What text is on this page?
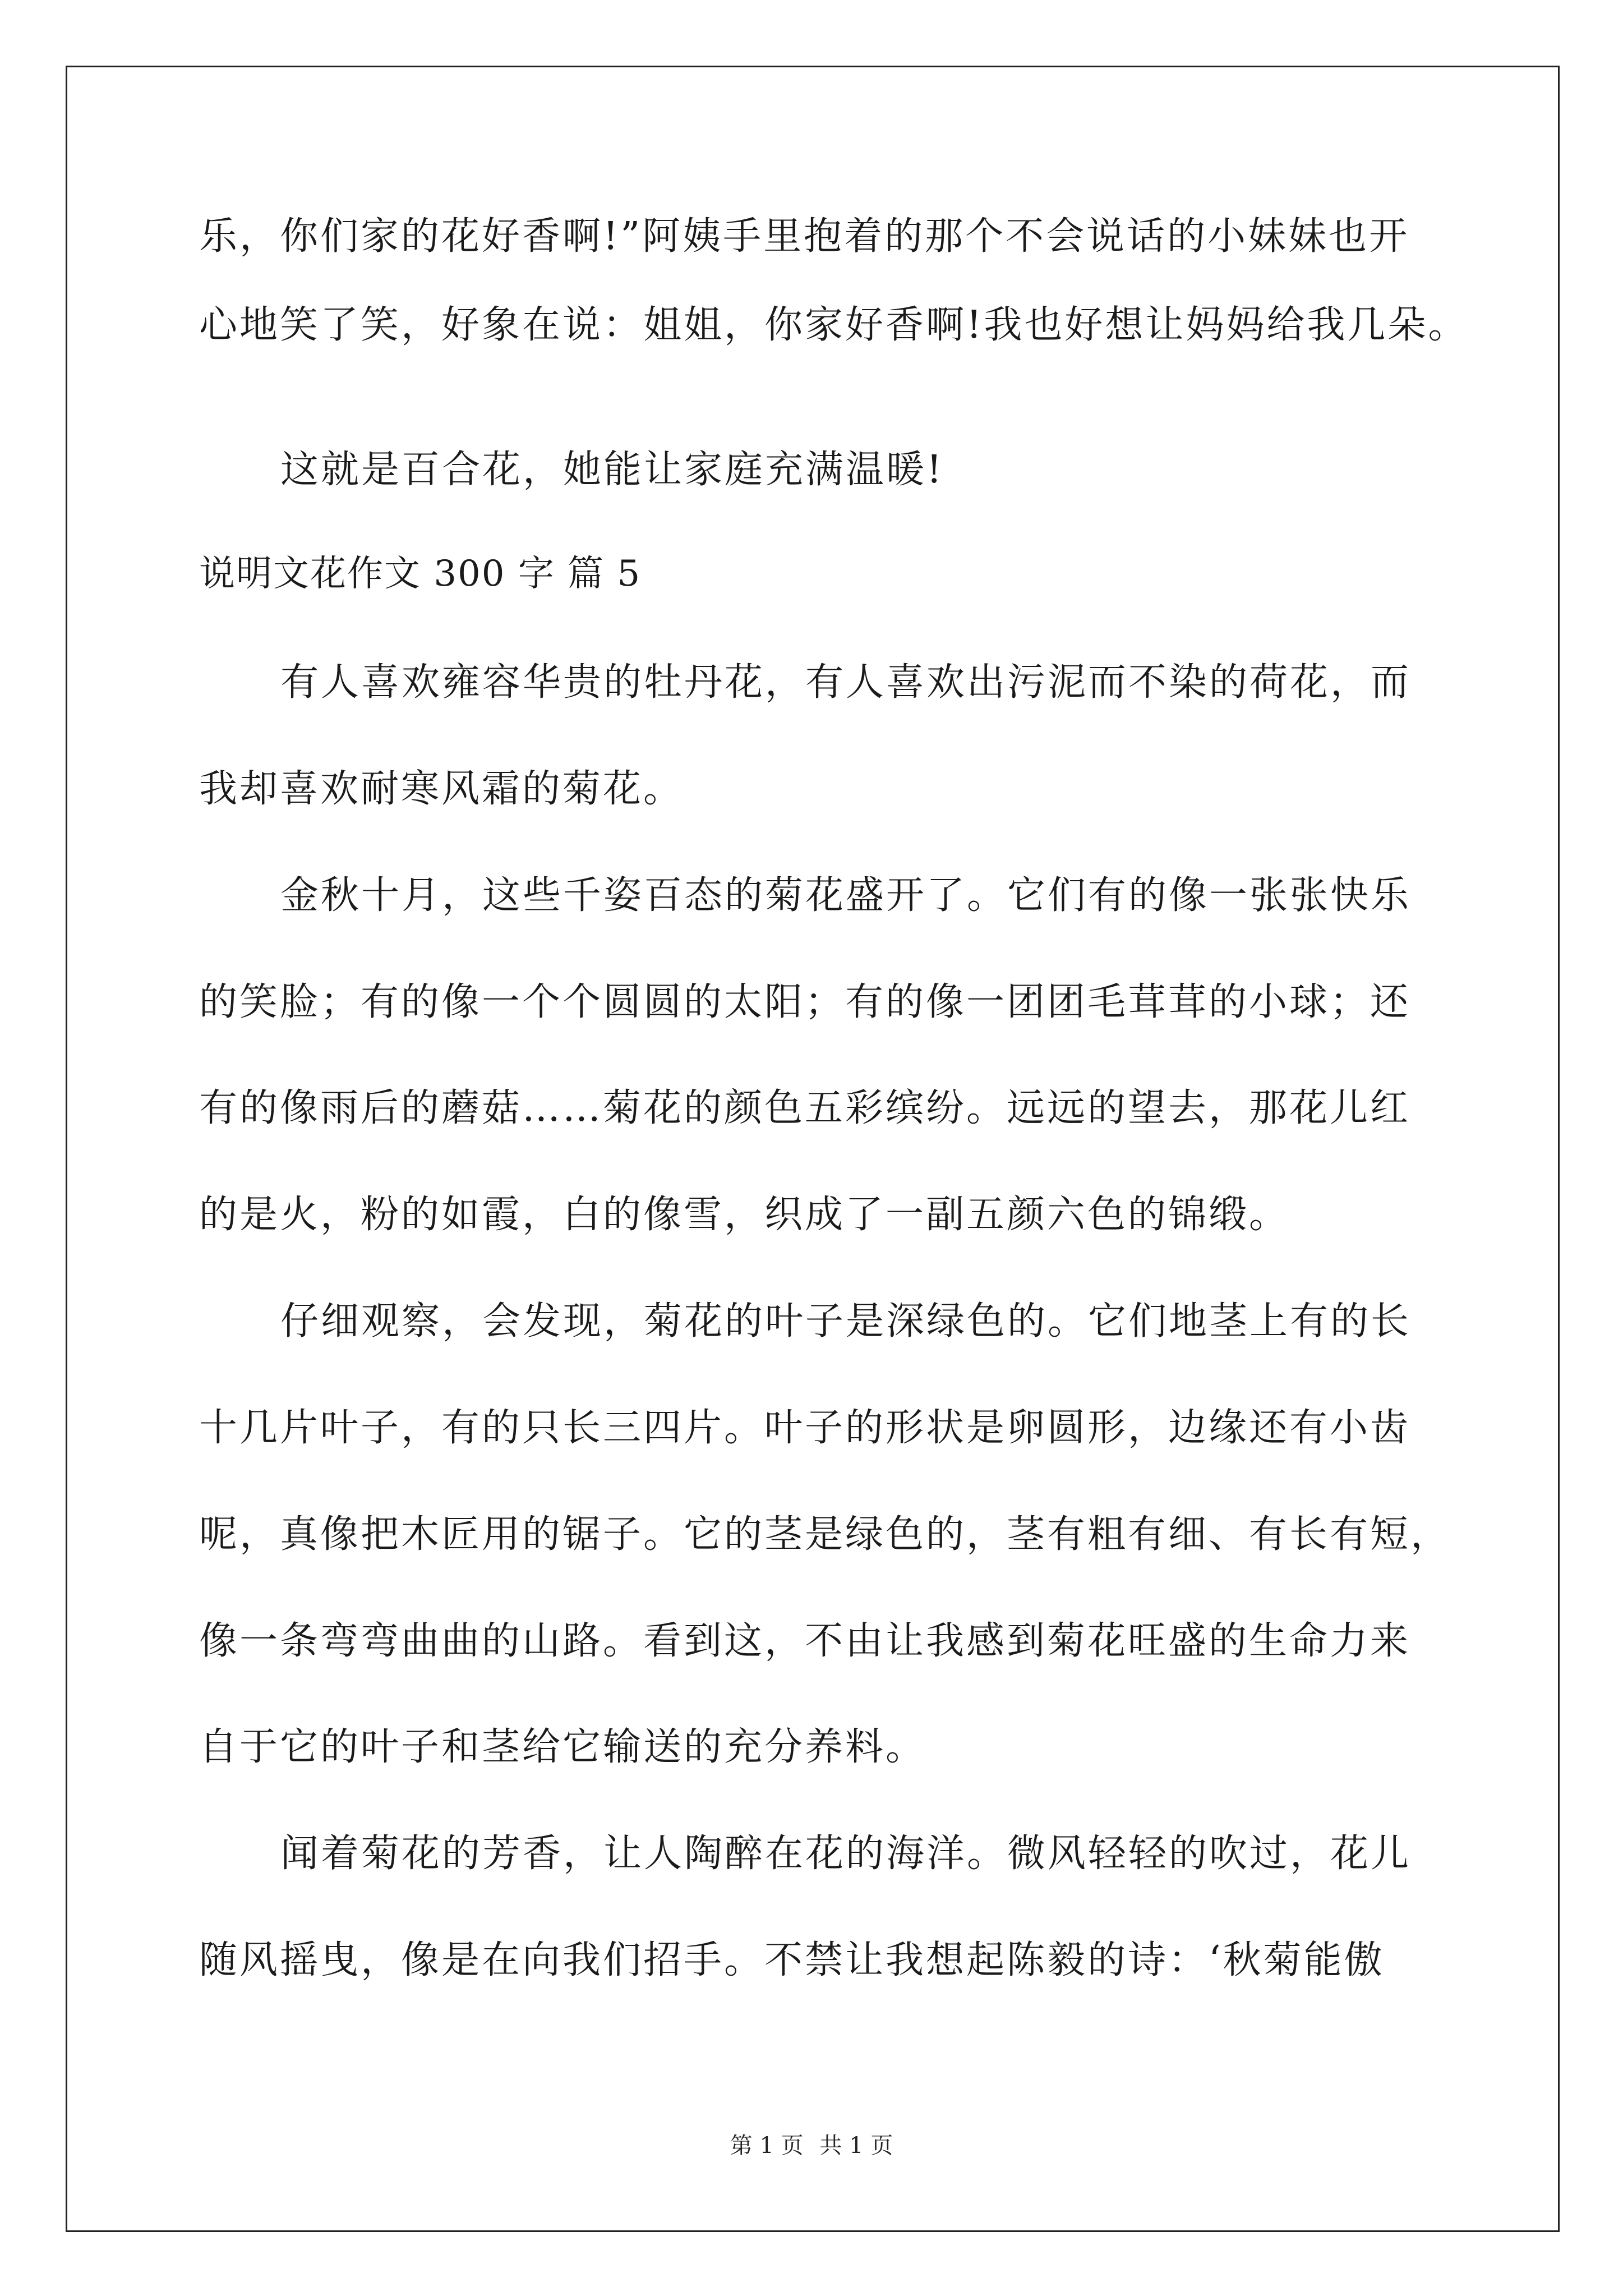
乐，你们家的花好香啊!”阿姨手里抱着的那个不会说话的小妹妹也开
心地笑了笑，好象在说：姐姐，你家好香啊!我也好想让妈妈给我几朵。
这就是百合花，她能让家庭充满温暖!
说明文花作文 300 字 篇 5
有人喜欢雍容华贵的牡丹花，有人喜欢出污泥而不染的荷花，而
我却喜欢耐寒风霜的菊花。
金秋十月，这些千姿百态的菊花盛开了。它们有的像一张张快乐
的笑脸；有的像一个个圆圆的太阳；有的像一团团毛茸茸的小球；还
有的像雨后的蘑菇……菊花的颜色五彩缤纷。远远的望去，那花儿红
的是火，粉的如霞，白的像雪，织成了一副五颜六色的锦缎。
仔细观察，会发现，菊花的叶子是深绿色的。它们地茎上有的长
十几片叶子，有的只长三四片。叶子的形状是卵圆形，边缘还有小齿
呢，真像把木匠用的锯子。它的茎是绿色的，茎有粗有细、有长有短，
像一条弯弯曲曲的山路。看到这，不由让我感到菊花旺盛的生命力来
自于它的叶子和茎给它输送的充分养料。
闻着菊花的芳香，让人陶醉在花的海洋。微风轻轻的吹过，花儿
随风摇曳，像是在向我们招手。不禁让我想起陈毅的诗：‘秋菊能傲
第 1 页 共 1 页
